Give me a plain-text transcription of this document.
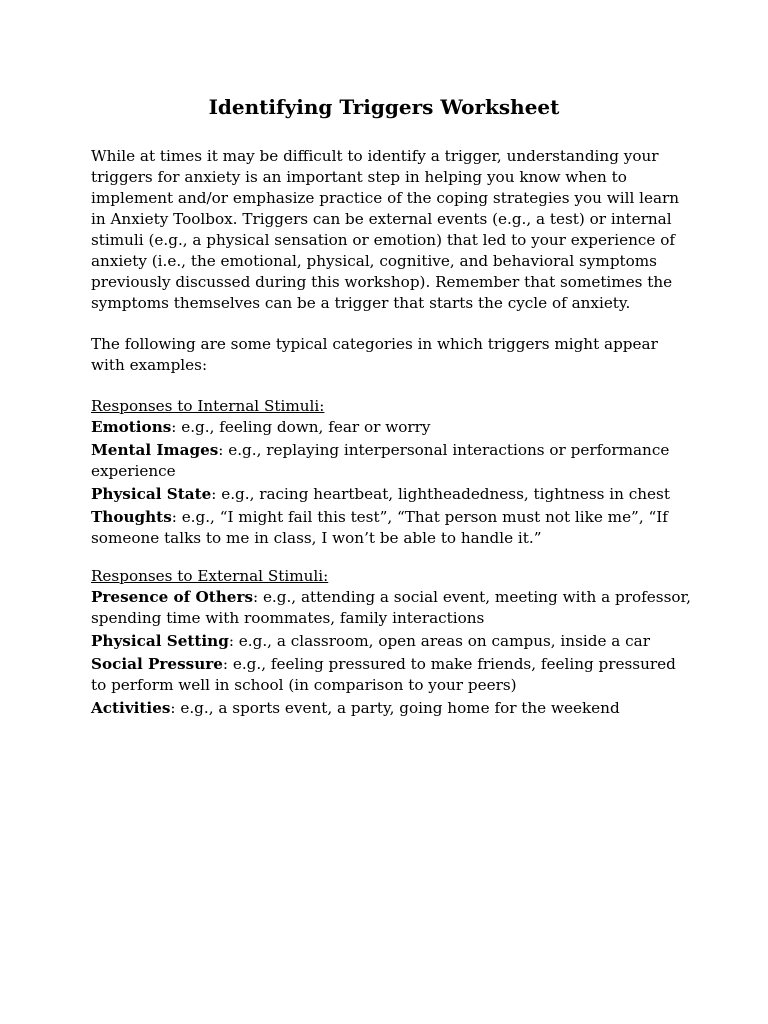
Identifying Triggers Worksheet

While at times it may be difficult to identify a trigger, understanding your triggers for anxiety is an important step in helping you know when to implement and/or emphasize practice of the coping strategies you will learn in Anxiety Toolbox. Triggers can be external events (e.g., a test) or internal stimuli (e.g., a physical sensation or emotion) that led to your experience of anxiety (i.e., the emotional, physical, cognitive, and behavioral symptoms previously discussed during this workshop). Remember that sometimes the symptoms themselves can be a trigger that starts the cycle of anxiety.

The following are some typical categories in which triggers might appear with examples:

Responses to Internal Stimuli:

Emotions: e.g., feeling down, fear or worry

Mental Images: e.g., replaying interpersonal interactions or performance experience

Physical State: e.g., racing heartbeat, lightheadedness, tightness in chest

Thoughts: e.g., “I might fail this test”, “That person must not like me”, “If someone talks to me in class, I won’t be able to handle it.”

Responses to External Stimuli:

Presence of Others: e.g., attending a social event, meeting with a professor, spending time with roommates, family interactions

Physical Setting: e.g., a classroom, open areas on campus, inside a car

Social Pressure: e.g., feeling pressured to make friends, feeling pressured to perform well in school (in comparison to your peers)

Activities: e.g., a sports event, a party, going home for the weekend
